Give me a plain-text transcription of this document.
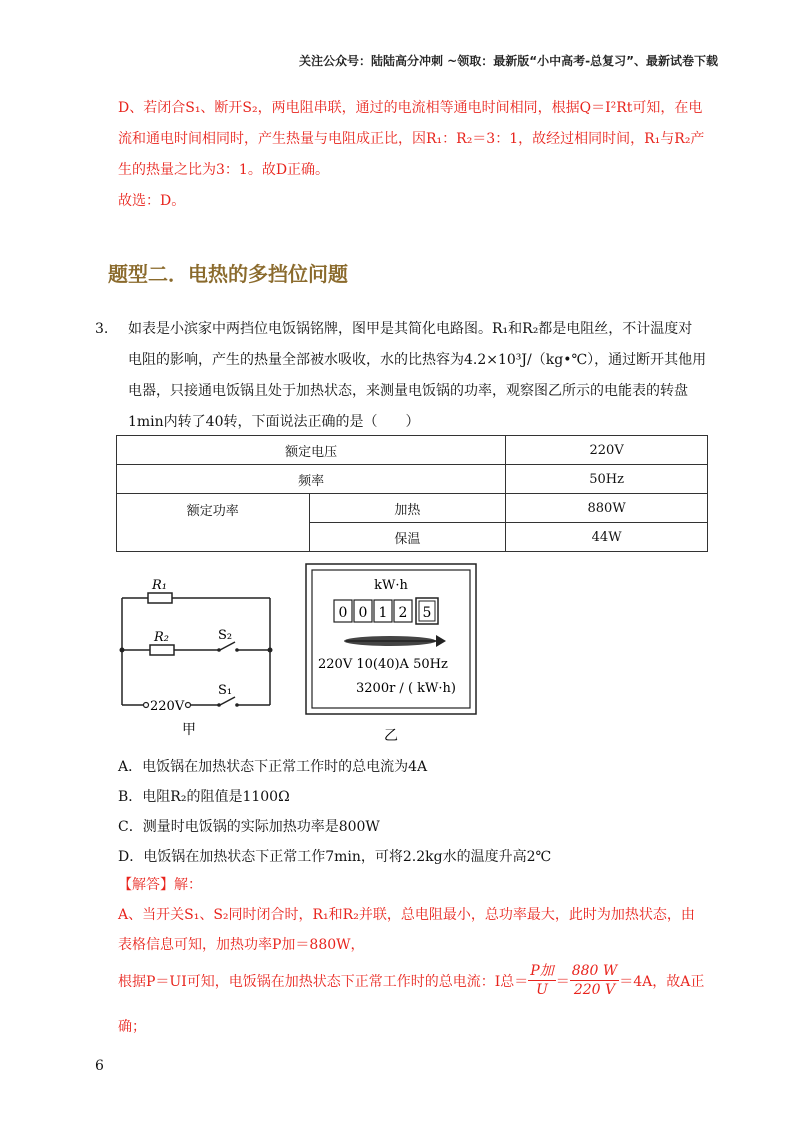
关注公众号：陆陆高分冲刺 ~领取：最新版“小中高考-总复习”、最新试卷下载
D、若闭合S₁、断开S₂，两电阻串联，通过的电流相等通电时间相同，根据Q＝I²Rt可知，在电
流和通电时间相同时，产生热量与电阻成正比，因R₁：R₂＝3：1，故经过相同时间，R₁与R₂产
生的热量之比为3：1。故D正确。
故选：D。
题型二．电热的多挡位问题
3. 如表是小滨家中两挡位电饭锅铭牌，图甲是其简化电路图。R₁和R₂都是电阻丝，不计温度对
电阻的影响，产生的热量全部被水吸收，水的比热容为4.2×10³J/（kg•℃），通过断开其他用
电器，只接通电饭锅且处于加热状态，来测量电饭锅的功率，观察图乙所示的电能表的转盘
1min内转了40转，下面说法正确的是（　　）
额定电压		220V
频率		50Hz
额定功率	加热	880W
	保温	44W
R₁
R₂	S₂
S₁
220V
甲
kW·h
0 0 1 2 5
220V 10(40)A 50Hz
3200r / ( kW·h)
乙
A．电饭锅在加热状态下正常工作时的总电流为4A
B．电阻R₂的阻值是1100Ω
C．测量时电饭锅的实际加热功率是800W
D．电饭锅在加热状态下正常工作7min，可将2.2kg水的温度升高2℃
【解答】解：
A、当开关S₁、S₂同时闭合时，R₁和R₂并联，总电阻最小，总功率最大，此时为加热状态，由
表格信息可知，加热功率P加＝880W，
根据P＝UI可知，电饭锅在加热状态下正常工作时的总电流：I总＝ $\frac{\text{P加}}{U} = \frac{880 W}{220 V} =4A$，故A正
确；
6
